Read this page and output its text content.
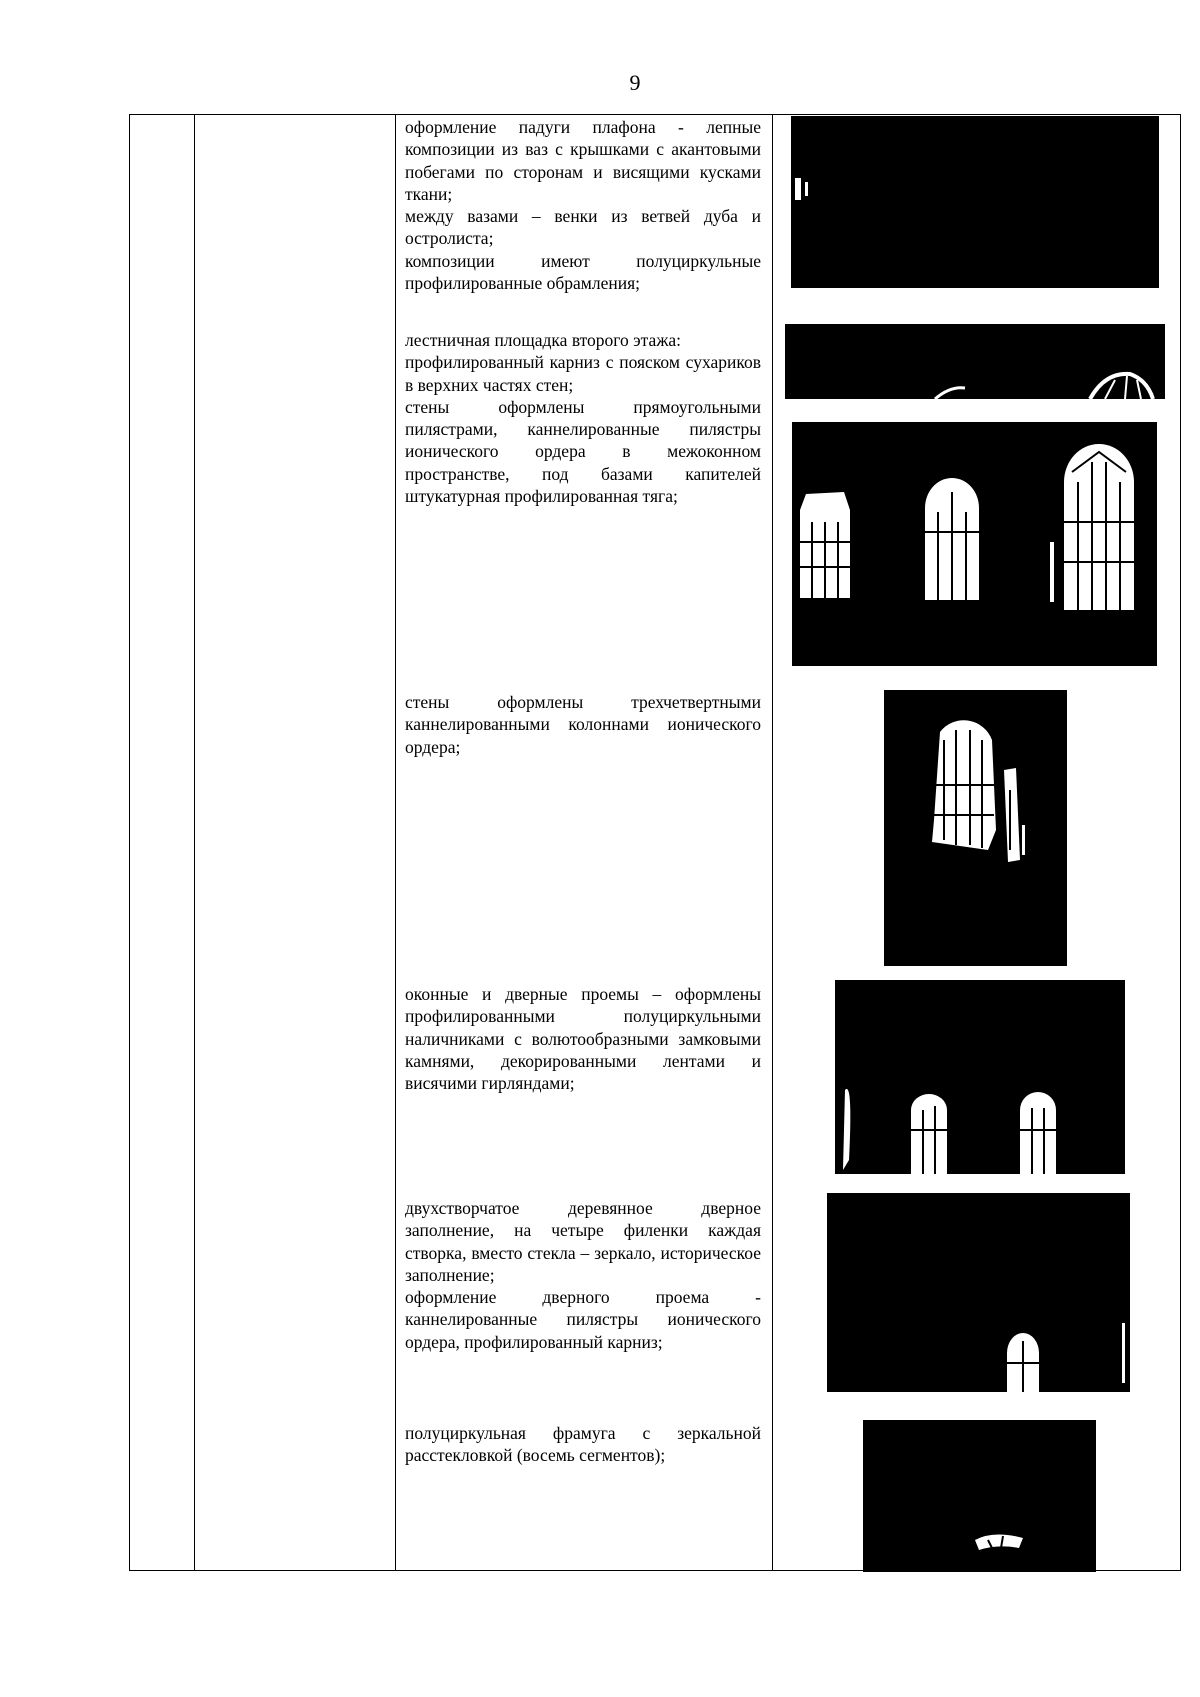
9

оформление падуги плафона - лепные композиции из ваз с крышками с акантовыми побегами по сторонам и висящими кусками ткани;

между вазами – венки из ветвей дуба и остролиста;

композиции имеют полуциркульные профилированные обрамления;

лестничная площадка второго этажа:

профилированный карниз с пояском сухариков в верхних частях стен;

стены оформлены прямоугольными пилястрами, каннелированные пилястры ионического ордера в межоконном пространстве, под базами капителей штукатурная профилированная тяга;

стены оформлены трехчетвертными каннелированными колоннами ионического ордера;

оконные и дверные проемы – оформлены профилированными полуциркульными наличниками с волютообразными замковыми камнями, декорированными лентами и висячими гирляндами;

двухстворчатое деревянное дверное заполнение, на четыре филенки каждая створка, вместо стекла – зеркало, историческое заполнение;

оформление дверного проема - каннелированные пилястры ионического ордера, профилированный карниз;

полуциркульная фрамуга с зеркальной расстекловкой (восемь сегментов);
